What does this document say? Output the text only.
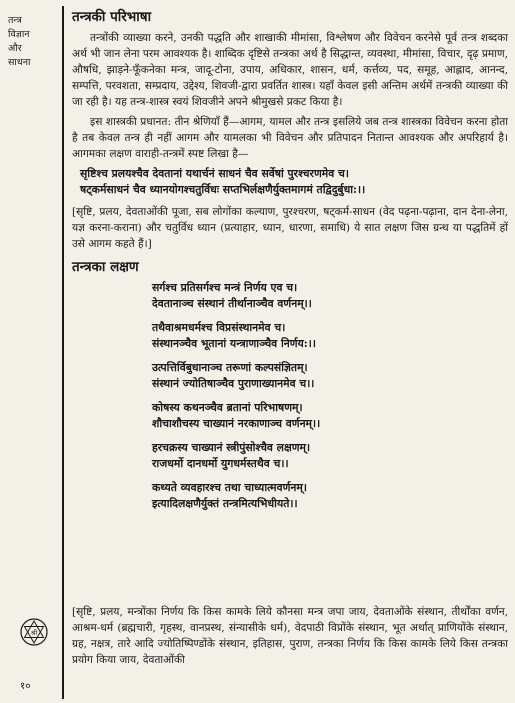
तन्त्र
विज्ञान
और
साधना
तन्त्रकी परिभाषा

तन्त्रोंकी व्याख्या करने, उनकी पद्धति और शाखाकी मीमांसा, विश्लेषण और विवेचन करनेसे पूर्व तन्त्र शब्दका अर्थ भी जान लेना परम आवश्यक है। शाब्दिक दृष्टिसे तन्त्रका अर्थ है सिद्धान्त, व्यवस्था, मीमांसा, विचार, दृढ़ प्रमाण, औषधि, झाड़ने-फूँकनेका मन्त्र, जादू-टोना, उपाय, अधिकार, शासन, धर्म, कर्त्तव्य, पद, समूह, आह्लाद, आनन्द, सम्पत्ति, परवशता, सम्प्रदाय, उद्देश्य, शिवजी-द्वारा प्रवर्तित शास्त्र। यहाँ केवल इसी अन्तिम अर्थमें तन्त्रकी व्याख्या की जा रही है। यह तन्त्र-शास्त्र स्वयं शिवजीने अपने श्रीमुखसे प्रकट किया है।

इस शास्त्रकी प्रधानत: तीन श्रेणियाँ हैं—आगम, यामल और तन्त्र इसलिये जब तन्त्र शास्त्रका विवेचन करना होता है तब केवल तन्त्र ही नहीं आगम और यामलका भी विवेचन और प्रतिपादन नितान्त आवश्यक और अपरिहार्य है। आगमका लक्षण वाराही-तन्त्रमें स्पष्ट लिखा है—

सृष्टिश्च प्रलयश्चैव देवतानां यथार्चनं साधनं चैव सर्वेषां पुरश्चरणमेव च।
षट्कर्मसाधनं चैव ध्यानयोगश्चतुर्विधः सप्तभिर्लक्षणैर्युक्तमागमं तद्विदुर्बुधा:।।

[सृष्टि, प्रलय, देवताओंकी पूजा, सब लोगोंका कल्याण, पुरश्चरण, षट्कर्म-साधन (वेद पढ़ना-पढ़ाना, दान देना-लेना, यज्ञ करना-कराना) और चतुर्विध ध्यान (प्रत्याहार, ध्यान, धारणा, समाधि) ये सात लक्षण जिस ग्रन्थ या पद्धतिमें हों उसे आगम कहते हैं।]

तन्त्रका लक्षण
सर्गश्च प्रतिसर्गश्च मन्त्रं निर्णय एव च।
देवतानाञ्च संस्थानं तीर्थानाञ्चैव वर्णनम्।।
तथैवाश्रमधर्मश्च विप्रसंस्थानमेव च।
संस्थानञ्चैव भूतानां यन्त्राणाञ्चैव निर्णय:।।
उत्पत्तिर्विबुधानाञ्च तरूणां कल्पसंज्ञितम्।
संस्थानं ज्योतिषाञ्चैव पुराणाख्यानमेव च।।
कोषस्य कथनञ्चैव ब्रतानां परिभाषणम्।
शौचाशौचस्य चाख्यानं नरकाणाञ्च वर्णनम्।।
हरचक्रस्य चाख्यानं स्त्रीपुंसोश्चैव लक्षणम्।
राजधर्मो दानधर्मो युगधर्मस्तथैव च।।
कथ्यते व्यवहारश्च तथा चाध्यात्मवर्णनम्।
इत्यादिलक्षणैर्युक्तं तन्त्रमित्यभिधीयते।।
[सृष्टि, प्रलय, मन्त्रोंका निर्णय कि किस कामके लिये कौनसा मन्त्र जपा जाय, देवताओंके संस्थान, तीर्थोंका वर्णन, आश्रम-धर्म (ब्रह्मचारी, गृहस्थ, वानप्रस्थ, संन्यासीके धर्म), वेदपाठी विप्रोंके संस्थान, भूत अर्थात् प्राणियोंके संस्थान, ग्रह, नक्षत्र, तारे आदि ज्योतिष्पिण्डोंके संस्थान, इतिहास, पुराण, तन्त्रका निर्णय कि किस कामके लिये किस तन्त्रका प्रयोग किया जाय, देवताओंकी
श्री
१०
